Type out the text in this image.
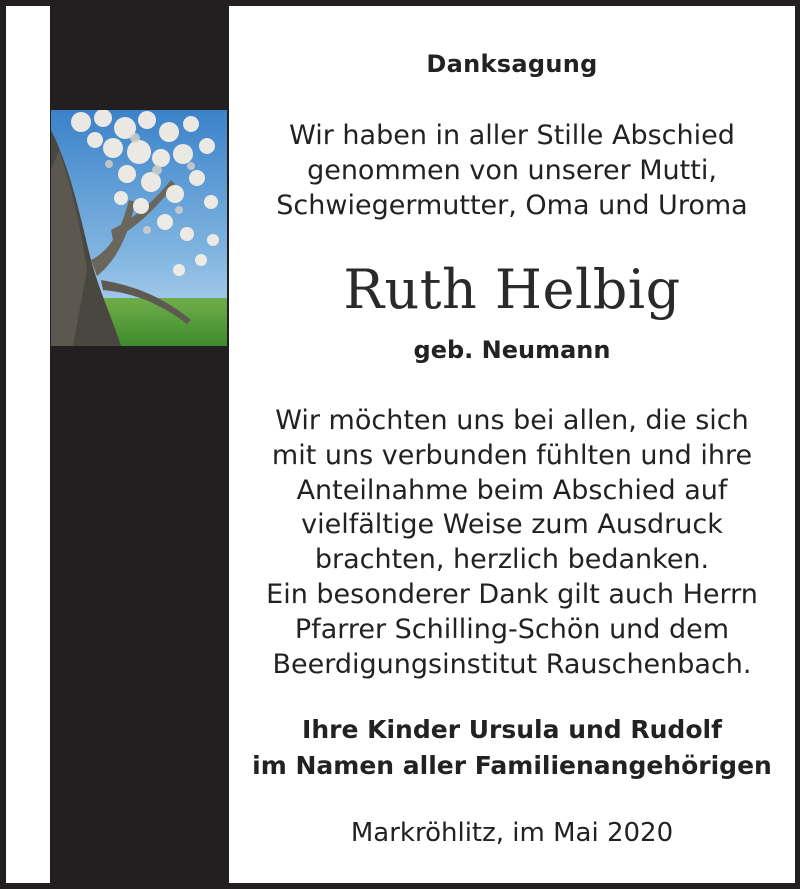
Danksagung
Wir haben in aller Stille Abschied
genommen von unserer Mutti,
Schwiegermutter, Oma und Uroma
Ruth Helbig
geb. Neumann
Wir möchten uns bei allen, die sich
mit uns verbunden fühlten und ihre
Anteilnahme beim Abschied auf
vielfältige Weise zum Ausdruck
brachten, herzlich bedanken.
Ein besonderer Dank gilt auch Herrn
Pfarrer Schilling-Schön und dem
Beerdigungsinstitut Rauschenbach.
Ihre Kinder Ursula und Rudolf
im Namen aller Familienangehörigen
Markröhlitz, im Mai 2020
